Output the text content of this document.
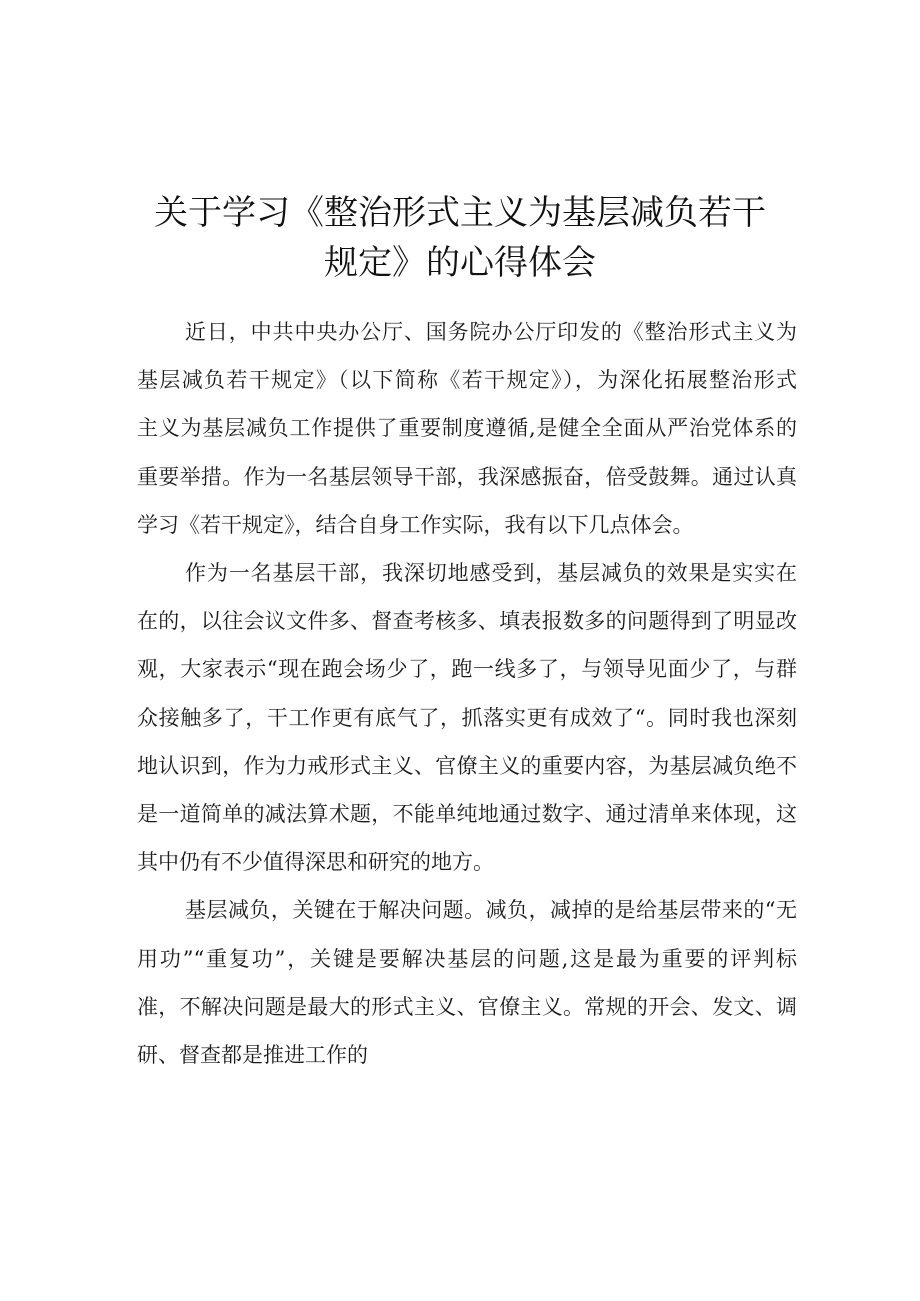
关于学习《整治形式主义为基层减负若干
规定》的心得体会

近日，中共中央办公厅、国务院办公厅印发的《整治形式主义为
基层减负若干规定》（以下简称《若干规定》），为深化拓展整治形式
主义为基层减负工作提供了重要制度遵循,是健全全面从严治党体系的
重要举措。作为一名基层领导干部，我深感振奋，倍受鼓舞。通过认真
学习《若干规定》，结合自身工作实际，我有以下几点体会。

作为一名基层干部，我深切地感受到，基层减负的效果是实实在
在的，以往会议文件多、督查考核多、填表报数多的问题得到了明显改
观，大家表示“现在跑会场少了，跑一线多了，与领导见面少了，与群
众接触多了，干工作更有底气了，抓落实更有成效了“。同时我也深刻
地认识到，作为力戒形式主义、官僚主义的重要内容，为基层减负绝不
是一道简单的减法算术题，不能单纯地通过数字、通过清单来体现，这
其中仍有不少值得深思和研究的地方。

基层减负，关键在于解决问题。减负，减掉的是给基层带来的“无
用功”“重复功”，关键是要解决基层的问题,这是最为重要的评判标
准，不解决问题是最大的形式主义、官僚主义。常规的开会、发文、调
研、督查都是推进工作的
